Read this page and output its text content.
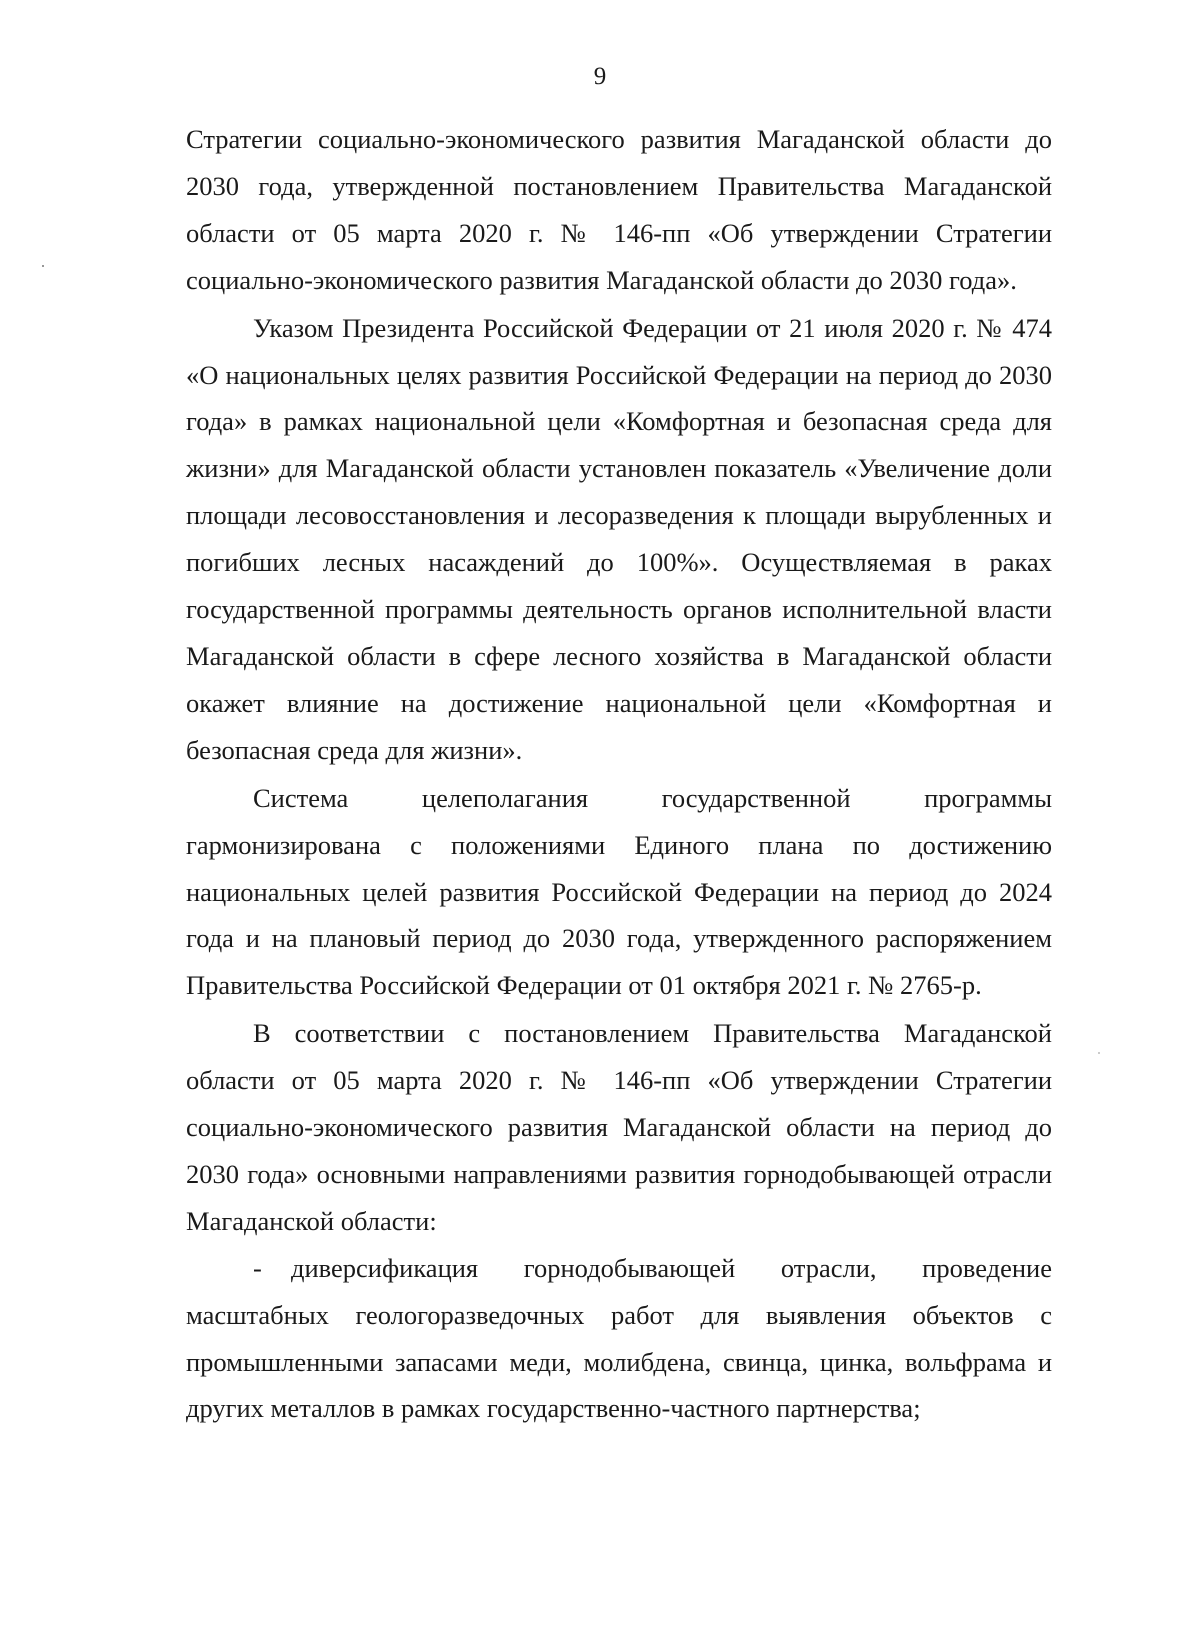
9

Стратегии социально-экономического развития Магаданской области до 2030 года, утвержденной постановлением Правительства Магаданской области от 05 марта 2020 г. № 146-пп «Об утверждении Стратегии социально-экономического развития Магаданской области до 2030 года».

Указом Президента Российской Федерации от 21 июля 2020 г. № 474 «О национальных целях развития Российской Федерации на период до 2030 года» в рамках национальной цели «Комфортная и безопасная среда для жизни» для Магаданской области установлен показатель «Увеличение доли площади лесовосстановления и лесоразведения к площади вырубленных и погибших лесных насаждений до 100%». Осуществляемая в раках государственной программы деятельность органов исполнительной власти Магаданской области в сфере лесного хозяйства в Магаданской области окажет влияние на достижение национальной цели «Комфортная и безопасная среда для жизни».

Система целеполагания государственной программы гармонизирована с положениями Единого плана по достижению национальных целей развития Российской Федерации на период до 2024 года и на плановый период до 2030 года, утвержденного распоряжением Правительства Российской Федерации от 01 октября 2021 г. № 2765-р.

В соответствии с постановлением Правительства Магаданской области от 05 марта 2020 г. № 146-пп «Об утверждении Стратегии социально-экономического развития Магаданской области на период до 2030 года» основными направлениями развития горнодобывающей отрасли Магаданской области:

- диверсификация горнодобывающей отрасли, проведение масштабных геологоразведочных работ для выявления объектов с промышленными запасами меди, молибдена, свинца, цинка, вольфрама и других металлов в рамках государственно-частного партнерства;
